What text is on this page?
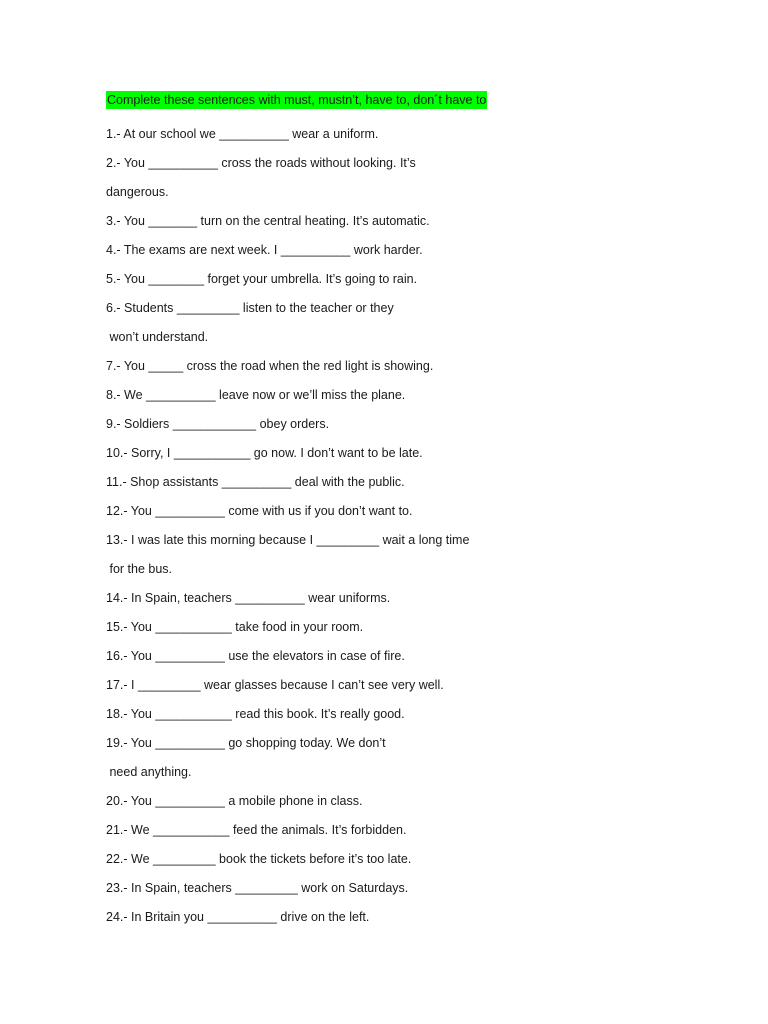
Complete these sentences with must, mustn’t, have to, don´t have to
1.- At our school we __________ wear a uniform.
2.- You __________ cross the roads without looking. It’s
dangerous.
3.- You _______ turn on the central heating. It’s automatic.
4.- The exams are next week. I __________ work harder.
5.- You ________ forget your umbrella. It’s going to rain.
6.- Students _________ listen to the teacher or they
won’t understand.
7.- You _____ cross the road when the red light is showing.
8.- We __________ leave now or we’ll miss the plane.
9.- Soldiers ____________ obey orders.
10.- Sorry, I ___________ go now. I don’t want to be late.
11.- Shop assistants __________ deal with the public.
12.- You __________ come with us if you don’t want to.
13.- I was late this morning because I _________ wait a long time
for the bus.
14.- In Spain, teachers __________ wear uniforms.
15.- You ___________ take food in your room.
16.- You __________ use the elevators in case of fire.
17.- I _________ wear glasses because I can’t see very well.
18.- You ___________ read this book. It’s really good.
19.- You __________ go shopping today. We don’t
need anything.
20.- You __________ a mobile phone in class.
21.- We ___________ feed the animals. It’s forbidden.
22.- We _________ book the tickets before it’s too late.
23.- In Spain, teachers _________ work on Saturdays.
24.- In Britain you __________ drive on the left.
